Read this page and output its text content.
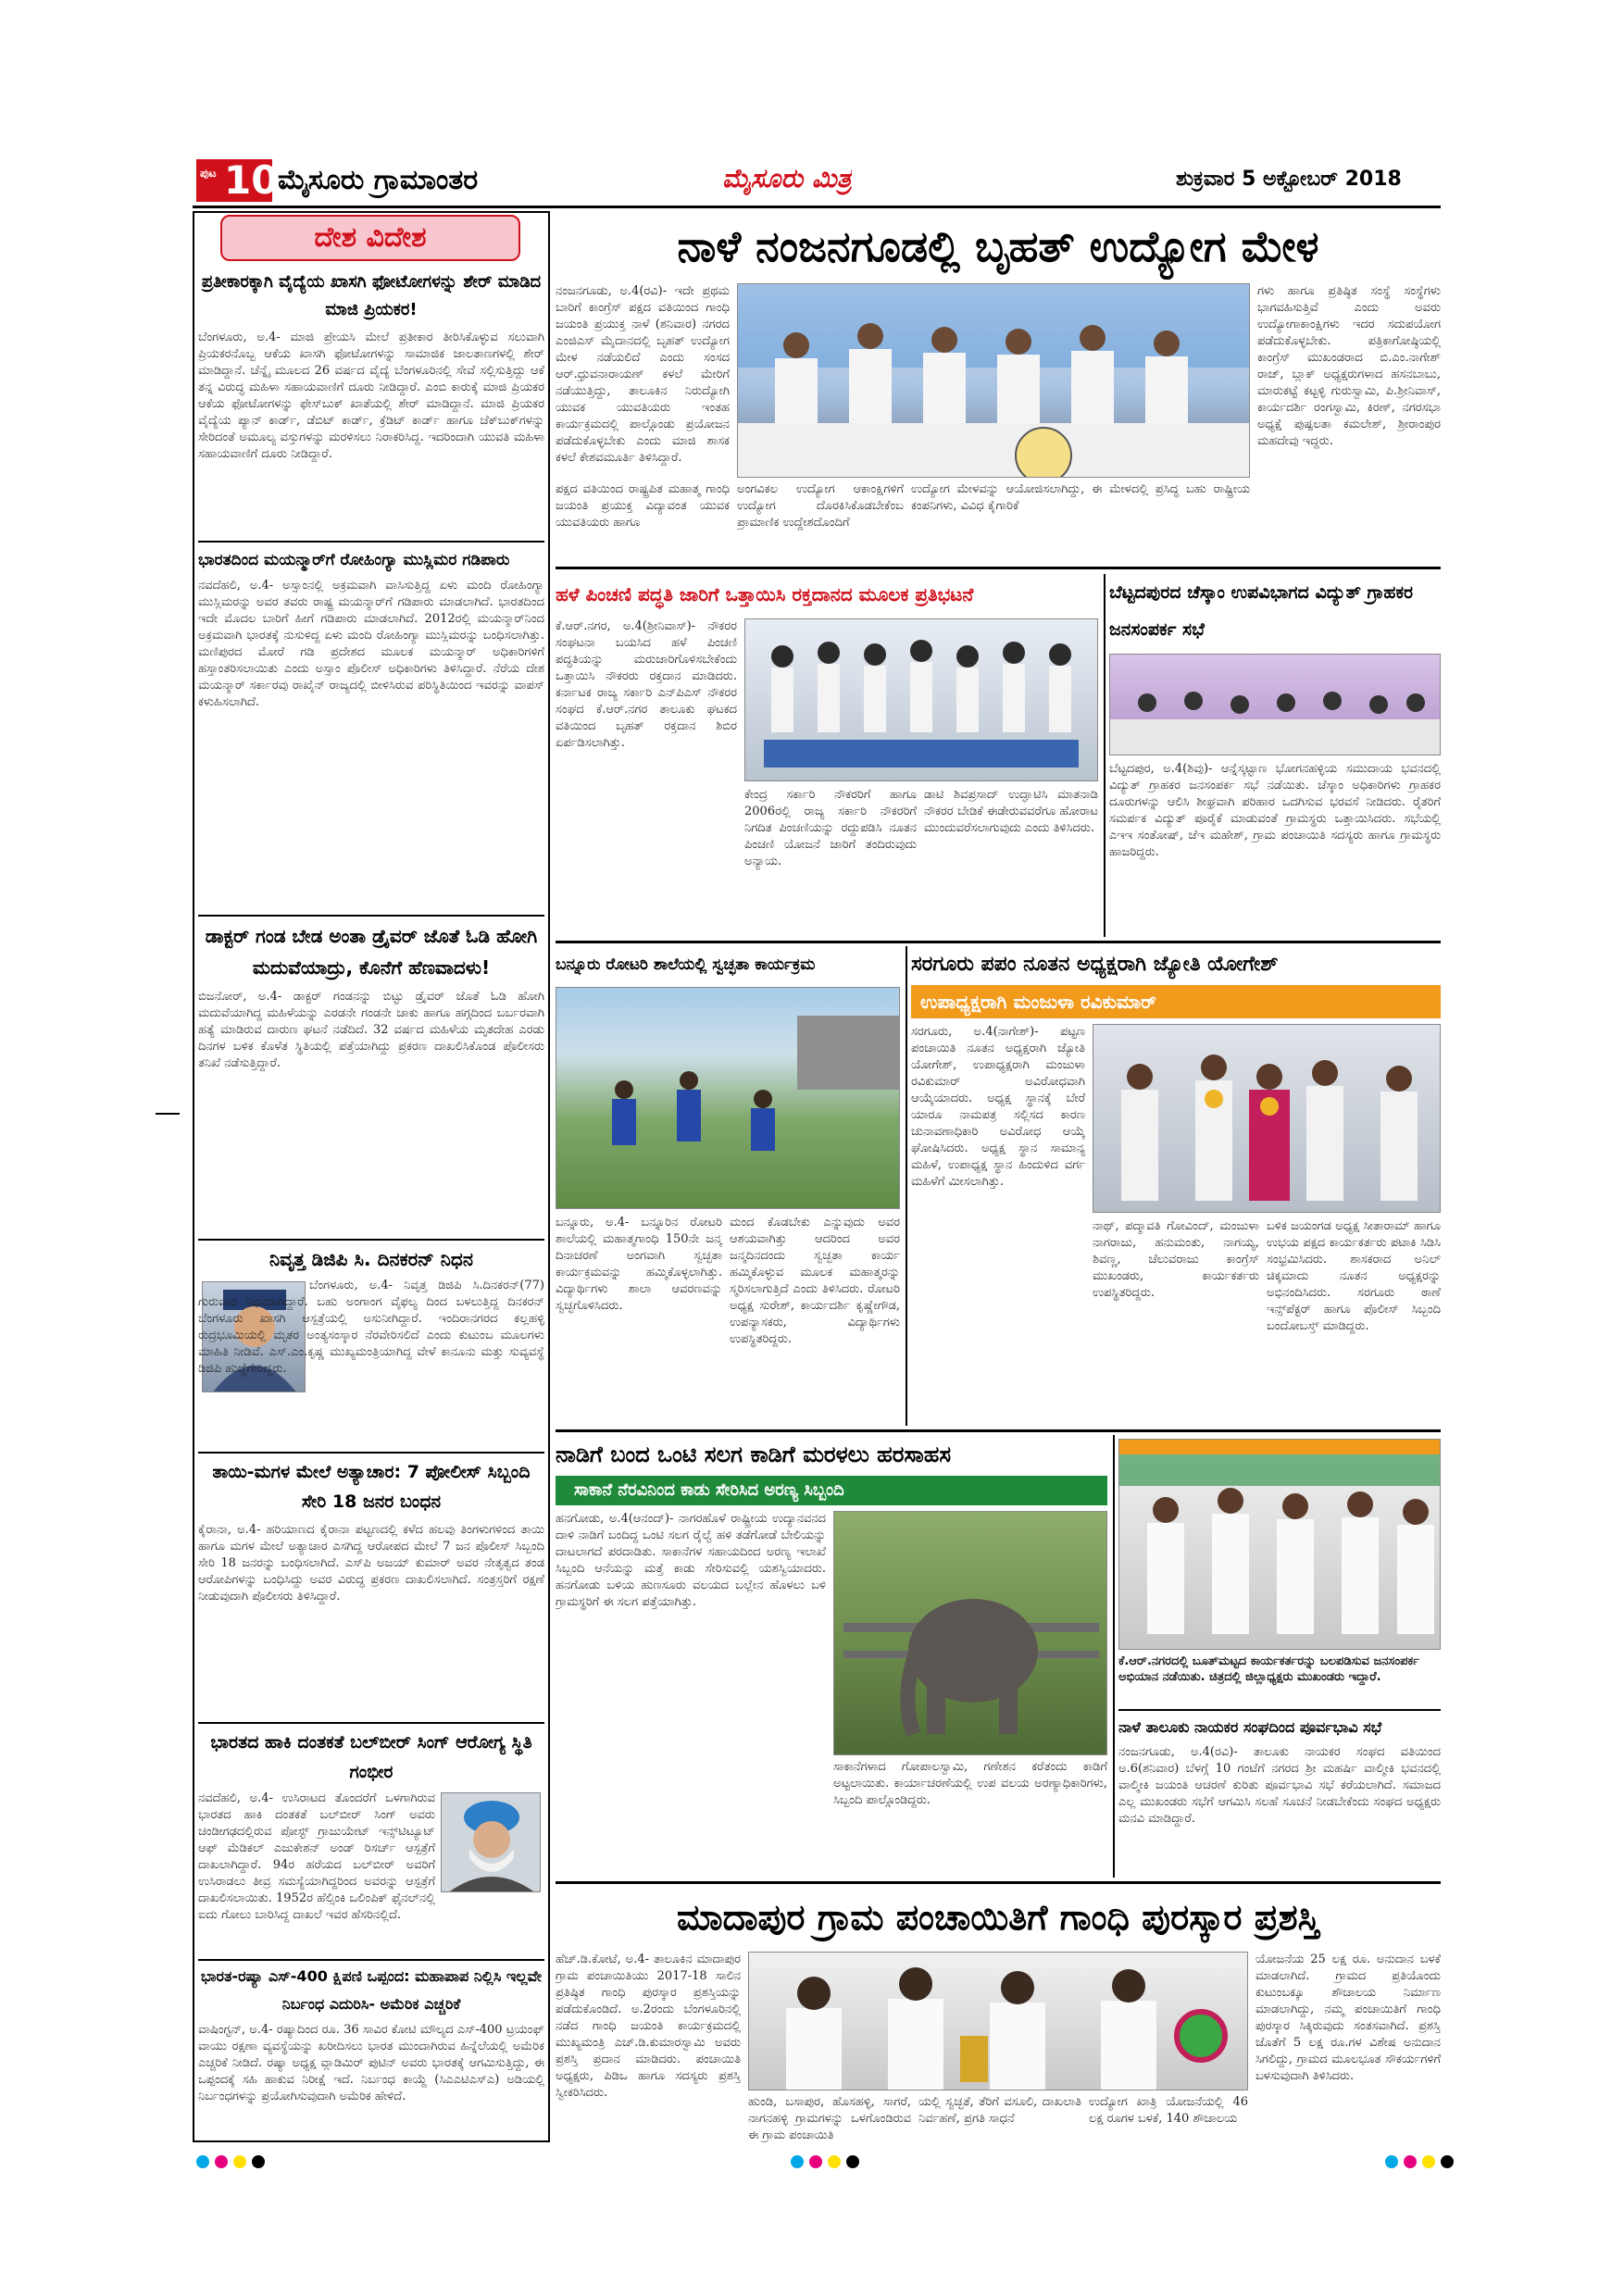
ಪುಟ 10 ಮೈಸೂರು ಗ್ರಾಮಾಂತರ	ಮೈಸೂರು ಮಿತ್ರ	ಶುಕ್ರವಾರ 5 ಅಕ್ಟೋಬರ್ 2018
ದೇಶ ವಿದೇಶ
ಪ್ರತೀಕಾರಕ್ಕಾಗಿ ವೈದ್ಯೆಯ ಖಾಸಗಿ ಫೋಟೋಗಳನ್ನು ಶೇರ್ ಮಾಡಿದ ಮಾಜಿ ಪ್ರಿಯಕರ!
ಬೆಂಗಳೂರು, ಅ.4- ಮಾಜಿ ಪ್ರೇಯಸಿ ಮೇಲೆ ಪ್ರತೀಕಾರ ತೀರಿಸಿಕೊಳ್ಳುವ ಸಲುವಾಗಿ ಪ್ರಿಯಕರನೊಬ್ಬ ಆಕೆಯ ಖಾಸಗಿ ಫೋಟೋಗಳನ್ನು ಸಾಮಾಜಿಕ ಜಾಲತಾಣಗಳಲ್ಲಿ ಶೇರ್ ಮಾಡಿದ್ದಾನೆ. ಚೆನ್ನೈ ಮೂಲದ 26 ವರ್ಷದ ವೈದ್ಯೆ ಬೆಂಗಳೂರಿನಲ್ಲಿ ಸೇವೆ ಸಲ್ಲಿಸುತ್ತಿದ್ದು ಆಕೆ ತನ್ನ ವಿರುದ್ಧ ಮಹಿಳಾ ಸಹಾಯವಾಣಿಗೆ ದೂರು ನೀಡಿದ್ದಾರೆ. ಎಂಬಿ ಕಾರುಕ್ಕೆ ಮಾಜಿ ಪ್ರಿಯಕರ ಆಕೆಯ ಫೋಟೋಗಳನ್ನು ಫೇಸ್‌ಬುಕ್ ಖಾತೆಯಲ್ಲಿ ಶೇರ್ ಮಾಡಿದ್ದಾನೆ. ಮಾಜಿ ಪ್ರಿಯಕರ ವೈದ್ಯೆಯ ಪ್ಯಾನ್ ಕಾರ್ಡ್, ಡೆಬಿಟ್ ಕಾರ್ಡ್, ಕ್ರೆಡಿಟ್ ಕಾರ್ಡ್ ಹಾಗೂ ಚೆಕ್‌ಬುಕ್‌ಗಳನ್ನು ಸೇರಿದಂತೆ ಅಮೂಲ್ಯ ವಸ್ತುಗಳನ್ನು ಮರಳಿಸಲು ನಿರಾಕರಿಸಿದ್ದ. ಇದರಿಂದಾಗಿ ಯುವತಿ ಮಹಿಳಾ ಸಹಾಯವಾಣಿಗೆ ದೂರು ನೀಡಿದ್ದಾರೆ.
ಭಾರತದಿಂದ ಮಯನ್ಮಾರ್‌ಗೆ ರೋಹಿಂಗ್ಯಾ ಮುಸ್ಲಿಮರ ಗಡಿಪಾರು
ನವದೆಹಲಿ, ಅ.4- ಅಸ್ಸಾಂನಲ್ಲಿ ಅಕ್ರಮವಾಗಿ ವಾಸಿಸುತ್ತಿದ್ದ ಏಳು ಮಂದಿ ರೋಹಿಂಗ್ಯಾ ಮುಸ್ಲಿಮರನ್ನು ಅವರ ತವರು ರಾಷ್ಟ್ರ ಮಯನ್ಮಾರ್‌ಗೆ ಗಡಿಪಾರು ಮಾಡಲಾಗಿದೆ. ಭಾರತದಿಂದ ಇದೇ ಮೊದಲ ಬಾರಿಗೆ ಹೀಗೆ ಗಡಿಪಾರು ಮಾಡಲಾಗಿದೆ. 2012ರಲ್ಲಿ ಮಯನ್ಮಾರ್‌ನಿಂದ ಅಕ್ರಮವಾಗಿ ಭಾರತಕ್ಕೆ ನುಸುಳಿದ್ದ ಏಳು ಮಂದಿ ರೋಹಿಂಗ್ಯಾ ಮುಸ್ಲಿಮರನ್ನು ಬಂಧಿಸಲಾಗಿತ್ತು. ಮಣಿಪುರದ ಮೋರೆ ಗಡಿ ಪ್ರದೇಶದ ಮೂಲಕ ಮಯನ್ಮಾರ್ ಅಧಿಕಾರಿಗಳಿಗೆ ಹಸ್ತಾಂತರಿಸಲಾಯಿತು ಎಂದು ಅಸ್ಸಾಂ ಪೊಲೀಸ್ ಅಧಿಕಾರಿಗಳು ತಿಳಿಸಿದ್ದಾರೆ. ನೆರೆಯ ದೇಶ ಮಯನ್ಮಾರ್ ಸರ್ಕಾರವು ರಾಖೈನ್ ರಾಜ್ಯದಲ್ಲಿ ಬೀಳಿಸಿರುವ ಪರಿಸ್ಥಿತಿಯಿಂದ ಇವರನ್ನು ವಾಪಸ್ ಕಳುಹಿಸಲಾಗಿದೆ.
ಡಾಕ್ಟರ್ ಗಂಡ ಬೇಡ ಅಂತಾ ಡ್ರೈವರ್ ಜೊತೆ ಓಡಿ ಹೋಗಿ ಮದುವೆಯಾದ್ರು, ಕೊನೆಗೆ ಹೆಣವಾದಳು!
ಬಿಜನೋರ್, ಅ.4- ಡಾಕ್ಟರ್ ಗಂಡನನ್ನು ಬಿಟ್ಟು ಡ್ರೈವರ್ ಜೊತೆ ಓಡಿ ಹೋಗಿ ಮದುವೆಯಾಗಿದ್ದ ಮಹಿಳೆಯನ್ನು ಎರಡನೇ ಗಂಡನೇ ಚಾಕು ಹಾಗೂ ಹಗ್ಗದಿಂದ ಬರ್ಬರವಾಗಿ ಹತ್ಯೆ ಮಾಡಿರುವ ದಾರುಣ ಘಟನೆ ನಡೆದಿದೆ. 32 ವರ್ಷದ ಮಹಿಳೆಯ ಮೃತದೇಹ ಎರಡು ದಿನಗಳ ಬಳಿಕ ಕೊಳೆತ ಸ್ಥಿತಿಯಲ್ಲಿ ಪತ್ತೆಯಾಗಿದ್ದು ಪ್ರಕರಣ ದಾಖಲಿಸಿಕೊಂಡ ಪೊಲೀಸರು ತನಿಖೆ ನಡೆಸುತ್ತಿದ್ದಾರೆ.
ನಿವೃತ್ತ ಡಿಜಿಪಿ ಸಿ. ದಿನಕರನ್ ನಿಧನ
ಬೆಂಗಳೂರು, ಅ.4- ನಿವೃತ್ತ ಡಿಜಿಪಿ ಸಿ.ದಿನಕರನ್(77) ಗುರುವಾರ ನಿಧನರಾಗಿದ್ದಾರೆ. ಬಹು ಅಂಗಾಂಗ ವೈಫಲ್ಯ ದಿಂದ ಬಳಲುತ್ತಿದ್ದ ದಿನಕರನ್ ಬೆಂಗಳೂರು ಖಾಸಗಿ ಆಸ್ಪತ್ರೆಯಲ್ಲಿ ಅಸುನೀಗಿದ್ದಾರೆ. ಇಂದಿರಾನಗರದ ಕಲ್ಲಹಳ್ಳಿ ರುದ್ರಭೂಮಿಯಲ್ಲಿ ಮೃತರ ಅಂತ್ಯಸಂಸ್ಕಾರ ನೆರವೇರಿಸಲಿದೆ ಎಂದು ಕುಟುಂಬ ಮೂಲಗಳು ಮಾಹಿತಿ ನೀಡಿವೆ. ಎಸ್.ಎಂ.ಕೃಷ್ಣ ಮುಖ್ಯಮಂತ್ರಿಯಾಗಿದ್ದ ವೇಳೆ ಕಾನೂನು ಮತ್ತು ಸುವ್ಯವಸ್ಥೆ ಡಿಜಿಪಿ ಹುದ್ದೆಗೇರಿದ್ದರು.
ತಾಯಿ-ಮಗಳ ಮೇಲೆ ಅತ್ಯಾಚಾರ: 7 ಪೋಲೀಸ್ ಸಿಬ್ಬಂದಿ ಸೇರಿ 18 ಜನರ ಬಂಧನ
ಕೈರಾನಾ, ಅ.4- ಹರಿಯಾಣದ ಕೈರಾನಾ ಪಟ್ಟಣದಲ್ಲಿ ಕಳೆದ ಹಲವು ತಿಂಗಳುಗಳಿಂದ ತಾಯಿ ಹಾಗೂ ಮಗಳ ಮೇಲೆ ಅತ್ಯಾಚಾರ ಎಸಗಿದ್ದ ಆರೋಪದ ಮೇಲೆ 7 ಜನ ಪೊಲೀಸ್ ಸಿಬ್ಬಂದಿ ಸೇರಿ 18 ಜನರನ್ನು ಬಂಧಿಸಲಾಗಿದೆ. ಎಸ್‌ಪಿ ಅಜಯ್ ಕುಮಾರ್ ಅವರ ನೇತೃತ್ವದ ತಂಡ ಆರೋಪಿಗಳನ್ನು ಬಂಧಿಸಿದ್ದು ಅವರ ವಿರುದ್ಧ ಪ್ರಕರಣ ದಾಖಲಿಸಲಾಗಿದೆ. ಸಂತ್ರಸ್ತರಿಗೆ ರಕ್ಷಣೆ ನೀಡುವುದಾಗಿ ಪೊಲೀಸರು ತಿಳಿಸಿದ್ದಾರೆ.
ಭಾರತದ ಹಾಕಿ ದಂತಕತೆ ಬಲ್‌ಬೀರ್ ಸಿಂಗ್ ಆರೋಗ್ಯ ಸ್ಥಿತಿ ಗಂಭೀರ
ನವದೆಹಲಿ, ಅ.4- ಉಸಿರಾಟದ ತೊಂದರೆಗೆ ಒಳಗಾಗಿರುವ ಭಾರತದ ಹಾಕಿ ದಂತಕತೆ ಬಲ್‌ಬೀರ್ ಸಿಂಗ್ ಅವರು ಚಂಡೀಗಢದಲ್ಲಿರುವ ಪೋಸ್ಟ್ ಗ್ರಾಜುಯೇಟ್ ಇನ್ಸ್‌ಟಿಟ್ಯೂಟ್ ಆಫ್ ಮೆಡಿಕಲ್ ಎಜುಕೇಶನ್ ಅಂಡ್ ರಿಸರ್ಚ್ ಆಸ್ಪತ್ರೆಗೆ ದಾಖಲಾಗಿದ್ದಾರೆ. 94ರ ಹರೆಯದ ಬಲ್‌ಬೀರ್ ಅವರಿಗೆ ಉಸಿರಾಡಲು ತೀವ್ರ ಸಮಸ್ಯೆಯಾಗಿದ್ದರಿಂದ ಅವರನ್ನು ಆಸ್ಪತ್ರೆಗೆ ದಾಖಲಿಸಲಾಯಿತು. 1952ರ ಹೆಲ್ಸಿಂಕಿ ಒಲಿಂಪಿಕ್ ಫೈನಲ್‌ನಲ್ಲಿ ಐದು ಗೋಲು ಬಾರಿಸಿದ್ದ ದಾಖಲೆ ಇವರ ಹೆಸರಿನಲ್ಲಿದೆ.
ಭಾರತ-ರಷ್ಯಾ ಎಸ್-400 ಕ್ಷಿಪಣಿ ಒಪ್ಪಂದ: ಮಹಾಪಾಪ ನಿಲ್ಲಿಸಿ ಇಲ್ಲವೇ ನಿರ್ಬಂಧ ಎದುರಿಸಿ- ಅಮೆರಿಕ ಎಚ್ಚರಿಕೆ
ವಾಷಿಂಗ್ಟನ್, ಅ.4- ರಷ್ಯಾದಿಂದ ರೂ. 36 ಸಾವಿರ ಕೋಟಿ ಮೌಲ್ಯದ ಎಸ್-400 ಟ್ರಯಂಫ್ ವಾಯು ರಕ್ಷಣಾ ವ್ಯವಸ್ಥೆಯನ್ನು ಖರೀದಿಸಲು ಭಾರತ ಮುಂದಾಗಿರುವ ಹಿನ್ನೆಲೆಯಲ್ಲಿ ಅಮೆರಿಕ ಎಚ್ಚರಿಕೆ ನೀಡಿದೆ. ರಷ್ಯಾ ಅಧ್ಯಕ್ಷ ವ್ಲಾಡಿಮಿರ್ ಪುಟಿನ್ ಅವರು ಭಾರತಕ್ಕೆ ಆಗಮಿಸುತ್ತಿದ್ದು, ಈ ಒಪ್ಪಂದಕ್ಕೆ ಸಹಿ ಹಾಕುವ ನಿರೀಕ್ಷೆ ಇದೆ. ನಿರ್ಬಂಧ ಕಾಯ್ದೆ (ಸಿಎಎಟಿಎಸ್‌ಎ) ಅಡಿಯಲ್ಲಿ ನಿರ್ಬಂಧಗಳನ್ನು ಪ್ರಯೋಗಿಸುವುದಾಗಿ ಅಮೆರಿಕ ಹೇಳಿದೆ.
ನಾಳೆ ನಂಜನಗೂಡಲ್ಲಿ ಬೃಹತ್ ಉದ್ಯೋಗ ಮೇಳ
ನಂಜನಗೂಡು, ಅ.4(ರವಿ)- ಇದೇ ಪ್ರಥಮ ಬಾರಿಗೆ ಕಾಂಗ್ರೆಸ್ ಪಕ್ಷದ ವತಿಯಿಂದ ಗಾಂಧಿ ಜಯಂತಿ ಪ್ರಯುಕ್ತ ನಾಳೆ (ಶನಿವಾರ) ನಗರದ ಎಂಜಿಎಸ್ ಮೈದಾನದಲ್ಲಿ ಬೃಹತ್ ಉದ್ಯೋಗ ಮೇಳ ನಡೆಯಲಿದೆ ಎಂದು ಸಂಸದ ಆರ್.ಧ್ರುವನಾರಾಯಣ್ ಕಳಲೆ ಮೇರಿಗೆ ನಡೆಯುತ್ತಿದ್ದು, ತಾಲೂಕಿನ ನಿರುದ್ಯೋಗಿ ಯುವಕ ಯುವತಿಯರು ಇಂತಹ ಕಾರ್ಯಕ್ರಮದಲ್ಲಿ ಪಾಲ್ಗೊಂಡು ಪ್ರಯೋಜನ ಪಡೆದುಕೊಳ್ಳಬೇಕು ಎಂದು ಮಾಜಿ ಶಾಸಕ ಕಳಲೆ ಕೇಶವಮೂರ್ತಿ ತಿಳಿಸಿದ್ದಾರೆ.
ಗಳು ಹಾಗೂ ಪ್ರತಿಷ್ಠಿತ ಸಂಸ್ಥೆ ಸಂಸ್ಥೆಗಳು ಭಾಗವಹಿಸುತ್ತಿವೆ ಎಂದು ಅವರು ಉದ್ಯೋಗಾಕಾಂಕ್ಷಿಗಳು ಇದರ ಸದುಪಯೋಗ ಪಡೆದುಕೊಳ್ಳಬೇಕು. ಪತ್ರಿಕಾಗೋಷ್ಠಿಯಲ್ಲಿ ಕಾಂಗ್ರೆಸ್ ಮುಖಂಡರಾದ ಬಿ.ಎಂ.ನಾಗೇಶ್ ರಾಜ್, ಬ್ಲಾಕ್ ಅಧ್ಯಕ್ಷರುಗಳಾದ ಹಸನಬಾಬು, ಮಾರುಕಟ್ಟೆ ಕಟ್ಟಳ್ಳಿ ಗುರುಸ್ವಾಮಿ, ಪಿ.ಶ್ರೀನಿವಾಸ್, ಕಾರ್ಯದರ್ಶಿ ರಂಗಸ್ವಾಮಿ, ಕಿರಣ್, ನಗರಸಭಾ ಅಧ್ಯಕ್ಷೆ ಪುಷ್ಪಲತಾ ಕಮಲೇಶ್, ಶ್ರೀರಾಂಪುರ ಮಹದೇವು ಇದ್ದರು.
ಪಕ್ಷದ ವತಿಯಿಂದ ರಾಷ್ಟ್ರಪಿತ ಮಹಾತ್ಮ ಗಾಂಧಿ ಜಯಂತಿ ಪ್ರಯುಕ್ತ ವಿದ್ಯಾವಂತ ಯುವಕ ಯುವತಿಯರು ಹಾಗೂ
ಅಂಗವಿಕಲ ಉದ್ಯೋಗ ಆಕಾಂಕ್ಷಿಗಳಿಗೆ ಉದ್ಯೋಗ ದೊರಕಿಸಿಕೊಡಬೇಕೆಂಬ ಪ್ರಾಮಾಣಿಕ ಉದ್ದೇಶದೊಂದಿಗೆ
ಉದ್ಯೋಗ ಮೇಳವನ್ನು ಆಯೋಜಿಸಲಾಗಿದ್ದು, ಈ ಮೇಳದಲ್ಲಿ ಪ್ರಸಿದ್ಧ ಬಹು ರಾಷ್ಟ್ರೀಯ ಕಂಪನಿಗಳು, ವಿವಿಧ ಕೈಗಾರಿಕೆ
ಹಳೆ ಪಿಂಚಣಿ ಪದ್ಧತಿ ಜಾರಿಗೆ ಒತ್ತಾಯಿಸಿ ರಕ್ತದಾನದ ಮೂಲಕ ಪ್ರತಿಭಟನೆ
ಕೆ.ಆರ್.ನಗರ, ಅ.4(ಶ್ರೀನಿವಾಸ್)- ನೌಕರರ ಸಂಘಟನಾ ಬಯಸಿದ ಹಳೆ ಪಿಂಚಣಿ ಪದ್ಧತಿಯನ್ನು ಮರುಜಾರಿಗೊಳಿಸಬೇಕೆಂದು ಒತ್ತಾಯಿಸಿ ನೌಕರರು ರಕ್ತದಾನ ಮಾಡಿದರು. ಕರ್ನಾಟಕ ರಾಜ್ಯ ಸರ್ಕಾರಿ ಎನ್‌ಪಿಎಸ್ ನೌಕರರ ಸಂಘದ ಕೆ.ಆರ್.ನಗರ ತಾಲೂಕು ಘಟಕದ ವತಿಯಿಂದ ಬೃಹತ್ ರಕ್ತದಾನ ಶಿಬಿರ ಏರ್ಪಡಿಸಲಾಗಿತ್ತು.
ಕೇಂದ್ರ ಸರ್ಕಾರಿ ನೌಕರರಿಗೆ ಹಾಗೂ 2006ರಲ್ಲಿ ರಾಜ್ಯ ಸರ್ಕಾರಿ ನೌಕರರಿಗೆ ನಿಗದಿತ ಪಿಂಚಣಿಯನ್ನು ರದ್ದುಪಡಿಸಿ ನೂತನ ಪಿಂಚಣಿ ಯೋಜನೆ ಜಾರಿಗೆ ತಂದಿರುವುದು ಅನ್ಯಾಯ.
ಡಾಟಿ ಶಿವಪ್ರಸಾದ್ ಉದ್ಘಾಟಿಸಿ ಮಾತನಾಡಿ ನೌಕರರ ಬೇಡಿಕೆ ಈಡೇರುವವರೆಗೂ ಹೋರಾಟ ಮುಂದುವರೆಸಲಾಗುವುದು ಎಂದು ತಿಳಿಸಿದರು.
ಬೆಟ್ಟದಪುರದ ಚೆಸ್ಕಾಂ ಉಪವಿಭಾಗದ ವಿದ್ಯುತ್ ಗ್ರಾಹಕರ ಜನಸಂಪರ್ಕ ಸಭೆ
ಬೆಟ್ಟದಪುರ, ಅ.4(ಶಿವು)- ಆನ್ನೆಸ್ಕಟ್ಟಾಣ ಭೋಗನಹಳ್ಳಿಯ ಸಮುದಾಯ ಭವನದಲ್ಲಿ ವಿದ್ಯುತ್ ಗ್ರಾಹಕರ ಜನಸಂಪರ್ಕ ಸಭೆ ನಡೆಯಿತು. ಚೆಸ್ಕಾಂ ಅಧಿಕಾರಿಗಳು ಗ್ರಾಹಕರ ದೂರುಗಳನ್ನು ಆಲಿಸಿ ಶೀಘ್ರವಾಗಿ ಪರಿಹಾರ ಒದಗಿಸುವ ಭರವಸೆ ನೀಡಿದರು. ರೈತರಿಗೆ ಸಮರ್ಪಕ ವಿದ್ಯುತ್ ಪೂರೈಕೆ ಮಾಡುವಂತೆ ಗ್ರಾಮಸ್ಥರು ಒತ್ತಾಯಿಸಿದರು. ಸಭೆಯಲ್ಲಿ ಎಇಇ ಸಂತೋಷ್, ಜೆಇ ಮಹೇಶ್, ಗ್ರಾಮ ಪಂಚಾಯಿತಿ ಸದಸ್ಯರು ಹಾಗೂ ಗ್ರಾಮಸ್ಥರು ಹಾಜರಿದ್ದರು.
ಬನ್ನೂರು ರೋಟರಿ ಶಾಲೆಯಲ್ಲಿ ಸ್ವಚ್ಛತಾ ಕಾರ್ಯಕ್ರಮ
ಬನ್ನೂರು, ಅ.4- ಬನ್ನೂರಿನ ರೋಟರಿ ಶಾಲೆಯಲ್ಲಿ ಮಹಾತ್ಮಗಾಂಧಿ 150ನೇ ಜನ್ಮ ದಿನಾಚರಣೆ ಅಂಗವಾಗಿ ಸ್ವಚ್ಛತಾ ಕಾರ್ಯಕ್ರಮವನ್ನು ಹಮ್ಮಿಕೊಳ್ಳಲಾಗಿತ್ತು. ವಿದ್ಯಾರ್ಥಿಗಳು ಶಾಲಾ ಆವರಣವನ್ನು ಸ್ವಚ್ಛಗೊಳಿಸಿದರು.
ಮಂದ ಕೊಡಬೇಕು ಎನ್ನುವುದು ಅವರ ಆಶಯವಾಗಿತ್ತು ಆದರಿಂದ ಅವರ ಜನ್ಮದಿನದಂದು ಸ್ವಚ್ಛತಾ ಕಾರ್ಯ ಹಮ್ಮಿಕೊಳ್ಳುವ ಮೂಲಕ ಮಹಾತ್ಮರನ್ನು ಸ್ಮರಿಸಲಾಗುತ್ತಿದೆ ಎಂದು ತಿಳಿಸಿದರು. ರೋಟರಿ ಅಧ್ಯಕ್ಷ ಸುರೇಶ್, ಕಾರ್ಯದರ್ಶಿ ಕೃಷ್ಣೇಗೌಡ, ಉಪನ್ಯಾಸಕರು, ವಿದ್ಯಾರ್ಥಿಗಳು ಉಪಸ್ಥಿತರಿದ್ದರು.
ಸರಗೂರು ಪಪಂ ನೂತನ ಅಧ್ಯಕ್ಷರಾಗಿ ಜ್ಯೋತಿ ಯೋಗೇಶ್
ಉಪಾಧ್ಯಕ್ಷರಾಗಿ ಮಂಜುಳಾ ರವಿಕುಮಾರ್
ಸರಗೂರು, ಅ.4(ನಾಗೇಶ್)- ಪಟ್ಟಣ ಪಂಚಾಯಿತಿ ನೂತನ ಅಧ್ಯಕ್ಷರಾಗಿ ಜ್ಯೋತಿ ಯೋಗೇಶ್, ಉಪಾಧ್ಯಕ್ಷರಾಗಿ ಮಂಜುಳಾ ರವಿಕುಮಾರ್ ಅವಿರೋಧವಾಗಿ ಆಯ್ಕೆಯಾದರು. ಅಧ್ಯಕ್ಷ ಸ್ಥಾನಕ್ಕೆ ಬೇರೆ ಯಾರೂ ನಾಮಪತ್ರ ಸಲ್ಲಿಸದ ಕಾರಣ ಚುನಾವಣಾಧಿಕಾರಿ ಅವಿರೋಧ ಆಯ್ಕೆ ಘೋಷಿಸಿದರು. ಅಧ್ಯಕ್ಷ ಸ್ಥಾನ ಸಾಮಾನ್ಯ ಮಹಿಳೆ, ಉಪಾಧ್ಯಕ್ಷ ಸ್ಥಾನ ಹಿಂದುಳಿದ ವರ್ಗ ಮಹಿಳೆಗೆ ಮೀಸಲಾಗಿತ್ತು.
ನಾಥ್, ಪದ್ಮಾವತಿ ಗೋವಿಂದ್, ಮಂಜುಳಾ ನಾಗರಾಜು, ಹನುಮಂತು, ನಾಗಯ್ಯ, ಶಿವಣ್ಣ, ಚೆಲುವರಾಜು ಕಾಂಗ್ರೆಸ್ ಮುಖಂಡರು, ಕಾರ್ಯಕರ್ತರು ಉಪಸ್ಥಿತರಿದ್ದರು.
ಬಳಿಕ ಜಯಂಗಡ ಅಧ್ಯಕ್ಷ ಸೀತಾರಾಮ್ ಹಾಗೂ ಉಭಯ ಪಕ್ಷದ ಕಾರ್ಯಕರ್ತರು ಪಟಾಕಿ ಸಿಡಿಸಿ ಸಂಭ್ರಮಿಸಿದರು. ಶಾಸಕರಾದ ಅನಿಲ್ ಚಿಕ್ಕಮಾದು ನೂತನ ಅಧ್ಯಕ್ಷರನ್ನು ಅಭಿನಂದಿಸಿದರು. ಸರಗೂರು ಠಾಣೆ ಇನ್ಸ್‌ಪೆಕ್ಟರ್ ಹಾಗೂ ಪೊಲೀಸ್ ಸಿಬ್ಬಂದಿ ಬಂದೋಬಸ್ತ್ ಮಾಡಿದ್ದರು.
ನಾಡಿಗೆ ಬಂದ ಒಂಟಿ ಸಲಗ ಕಾಡಿಗೆ ಮರಳಲು ಹರಸಾಹಸ
ಸಾಕಾನೆ ನೆರವಿನಿಂದ ಕಾಡು ಸೇರಿಸಿದ ಅರಣ್ಯ ಸಿಬ್ಬಂದಿ
ಹನಗೋಡು, ಅ.4(ಆನಂದ್)- ನಾಗರಹೊಳೆ ರಾಷ್ಟ್ರೀಯ ಉದ್ಯಾನವನದ ದಾಳಿ ನಾಡಿಗೆ ಬಂದಿದ್ದ ಒಂಟಿ ಸಲಗ ರೈಲ್ವೆ ಹಳಿ ತಡೆಗೋಡೆ ಬೇಲಿಯನ್ನು ದಾಟಲಾಗದೆ ಪರದಾಡಿತು. ಸಾಕಾನೆಗಳ ಸಹಾಯದಿಂದ ಅರಣ್ಯ ಇಲಾಖೆ ಸಿಬ್ಬಂದಿ ಆನೆಯನ್ನು ಮತ್ತೆ ಕಾಡು ಸೇರಿಸುವಲ್ಲಿ ಯಶಸ್ವಿಯಾದರು. ಹನಗೋಡು ಬಳಿಯ ಹುಣಸೂರು ವಲಯದ ಬಲ್ಲೇನ ಹೊಳಲು ಬಳಿ ಗ್ರಾಮಸ್ಥರಿಗೆ ಈ ಸಲಗ ಪತ್ತೆಯಾಗಿತ್ತು.
ಸಾಕಾನೆಗಳಾದ ಗೋಪಾಲಸ್ವಾಮಿ, ಗಣೇಶನ ಕರೆತಂದು ಕಾಡಿಗೆ ಅಟ್ಟಲಾಯಿತು. ಕಾರ್ಯಾಚರಣೆಯಲ್ಲಿ ಉಪ ವಲಯ ಅರಣ್ಯಾಧಿಕಾರಿಗಳು, ಸಿಬ್ಬಂದಿ ಪಾಲ್ಗೊಂಡಿದ್ದರು.
ಕೆ.ಆರ್.ನಗರದಲ್ಲಿ ಬೂತ್‌ಮಟ್ಟದ ಕಾರ್ಯಕರ್ತರನ್ನು ಬಲಪಡಿಸುವ ಜನಸಂಪರ್ಕ ಅಭಿಯಾನ ನಡೆಯಿತು. ಚಿತ್ರದಲ್ಲಿ ಜಿಲ್ಲಾಧ್ಯಕ್ಷರು ಮುಖಂಡರು ಇದ್ದಾರೆ.
ನಾಳೆ ತಾಲೂಕು ನಾಯಕರ ಸಂಘದಿಂದ ಪೂರ್ವಭಾವಿ ಸಭೆ
ನಂಜನಗೂಡು, ಅ.4(ರವಿ)- ತಾಲೂಕು ನಾಯಕರ ಸಂಘದ ವತಿಯಿಂದ ಅ.6(ಶನಿವಾರ) ಬೆಳಗ್ಗೆ 10 ಗಂಟೆಗೆ ನಗರದ ಶ್ರೀ ಮಹರ್ಷಿ ವಾಲ್ಮೀಕಿ ಭವನದಲ್ಲಿ ವಾಲ್ಮೀಕಿ ಜಯಂತಿ ಆಚರಣೆ ಕುರಿತು ಪೂರ್ವಭಾವಿ ಸಭೆ ಕರೆಯಲಾಗಿದೆ. ಸಮಾಜದ ಎಲ್ಲ ಮುಖಂಡರು ಸಭೆಗೆ ಆಗಮಿಸಿ ಸಲಹೆ ಸೂಚನೆ ನೀಡಬೇಕೆಂದು ಸಂಘದ ಅಧ್ಯಕ್ಷರು ಮನವಿ ಮಾಡಿದ್ದಾರೆ.
ಮಾದಾಪುರ ಗ್ರಾಮ ಪಂಚಾಯಿತಿಗೆ ಗಾಂಧಿ ಪುರಸ್ಕಾರ ಪ್ರಶಸ್ತಿ
ಹೆಚ್.ಡಿ.ಕೋಟೆ, ಅ.4- ತಾಲೂಕಿನ ಮಾದಾಪುರ ಗ್ರಾಮ ಪಂಚಾಯಿತಿಯು 2017-18 ಸಾಲಿನ ಪ್ರತಿಷ್ಠಿತ ಗಾಂಧಿ ಪುರಸ್ಕಾರ ಪ್ರಶಸ್ತಿಯನ್ನು ಪಡೆದುಕೊಂಡಿದೆ. ಅ.2ರಂದು ಬೆಂಗಳೂರಿನಲ್ಲಿ ನಡೆದ ಗಾಂಧಿ ಜಯಂತಿ ಕಾರ್ಯಕ್ರಮದಲ್ಲಿ ಮುಖ್ಯಮಂತ್ರಿ ಎಚ್.ಡಿ.ಕುಮಾರಸ್ವಾಮಿ ಅವರು ಪ್ರಶಸ್ತಿ ಪ್ರದಾನ ಮಾಡಿದರು. ಪಂಚಾಯಿತಿ ಅಧ್ಯಕ್ಷರು, ಪಿಡಿಒ ಹಾಗೂ ಸದಸ್ಯರು ಪ್ರಶಸ್ತಿ ಸ್ವೀಕರಿಸಿದರು.
ಯೋಜನೆಯ 25 ಲಕ್ಷ ರೂ. ಅನುದಾನ ಬಳಕೆ ಮಾಡಲಾಗಿದೆ. ಗ್ರಾಮದ ಪ್ರತಿಯೊಂದು ಕುಟುಂಬಕ್ಕೂ ಶೌಚಾಲಯ ನಿರ್ಮಾಣ ಮಾಡಲಾಗಿದ್ದು, ನಮ್ಮ ಪಂಚಾಯಿತಿಗೆ ಗಾಂಧಿ ಪುರಸ್ಕಾರ ಸಿಕ್ಕಿರುವುದು ಸಂತಸವಾಗಿದೆ. ಪ್ರಶಸ್ತಿ ಜೊತೆಗೆ 5 ಲಕ್ಷ ರೂ.ಗಳ ವಿಶೇಷ ಅನುದಾನ ಸಿಗಲಿದ್ದು, ಗ್ರಾಮದ ಮೂಲಭೂತ ಸೌಕರ್ಯಗಳಿಗೆ ಬಳಸುವುದಾಗಿ ತಿಳಿಸಿದರು.
ಹುಂಡಿ, ಬಸಾಪುರ, ಹೊಸಹಳ್ಳಿ, ಸಾಗರೆ, ನಾಗನಹಳ್ಳಿ ಗ್ರಾಮಗಳನ್ನು ಒಳಗೊಂಡಿರುವ ಈ ಗ್ರಾಮ ಪಂಚಾಯಿತಿ
ಯಲ್ಲಿ ಸ್ವಚ್ಛತೆ, ತೆರಿಗೆ ವಸೂಲಿ, ದಾಖಲಾತಿ ನಿರ್ವಹಣೆ, ಪ್ರಗತಿ ಸಾಧನೆ
ಉದ್ಯೋಗ ಖಾತ್ರಿ ಯೋಜನೆಯಲ್ಲಿ 46 ಲಕ್ಷ ರೂಗಳ ಬಳಕೆ, 140 ಶೌಚಾಲಯ
